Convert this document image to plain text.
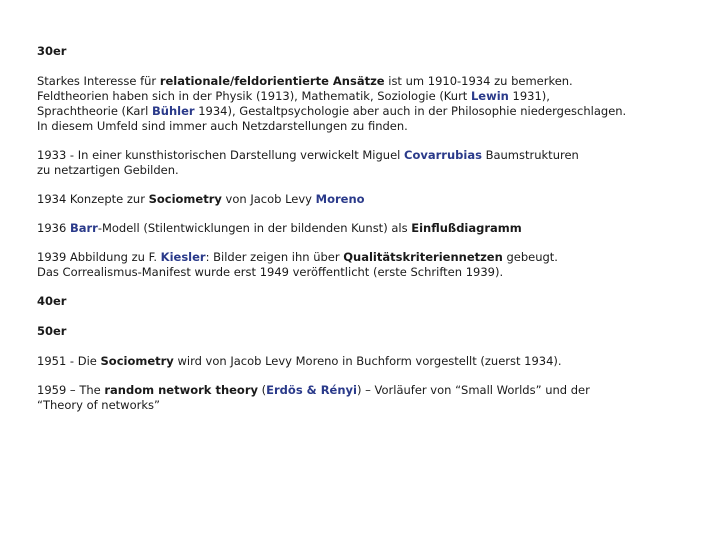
30er
Starkes Interesse für relationale/feldorientierte Ansätze ist um 1910-1934 zu bemerken.
Feldtheorien haben sich in der Physik (1913), Mathematik, Soziologie (Kurt Lewin 1931),
Sprachtheorie (Karl Bühler 1934), Gestaltpsychologie aber auch in der Philosophie niedergeschlagen.
In diesem Umfeld sind immer auch Netzdarstellungen zu finden.
1933 - In einer kunsthistorischen Darstellung verwickelt Miguel Covarrubias Baumstrukturen
zu netzartigen Gebilden.
1934 Konzepte zur Sociometry von Jacob Levy Moreno
1936 Barr-Modell (Stilentwicklungen in der bildenden Kunst) als Einflußdiagramm
1939 Abbildung zu F. Kiesler: Bilder zeigen ihn über Qualitätskriteriennetzen gebeugt.
Das Correalismus-Manifest wurde erst 1949 veröffentlicht (erste Schriften 1939).
40er
50er
1951 - Die Sociometry wird von Jacob Levy Moreno in Buchform vorgestellt (zuerst 1934).
1959 – The random network theory (Erdös & Rényi) – Vorläufer von “Small Worlds” und der
“Theory of networks”
